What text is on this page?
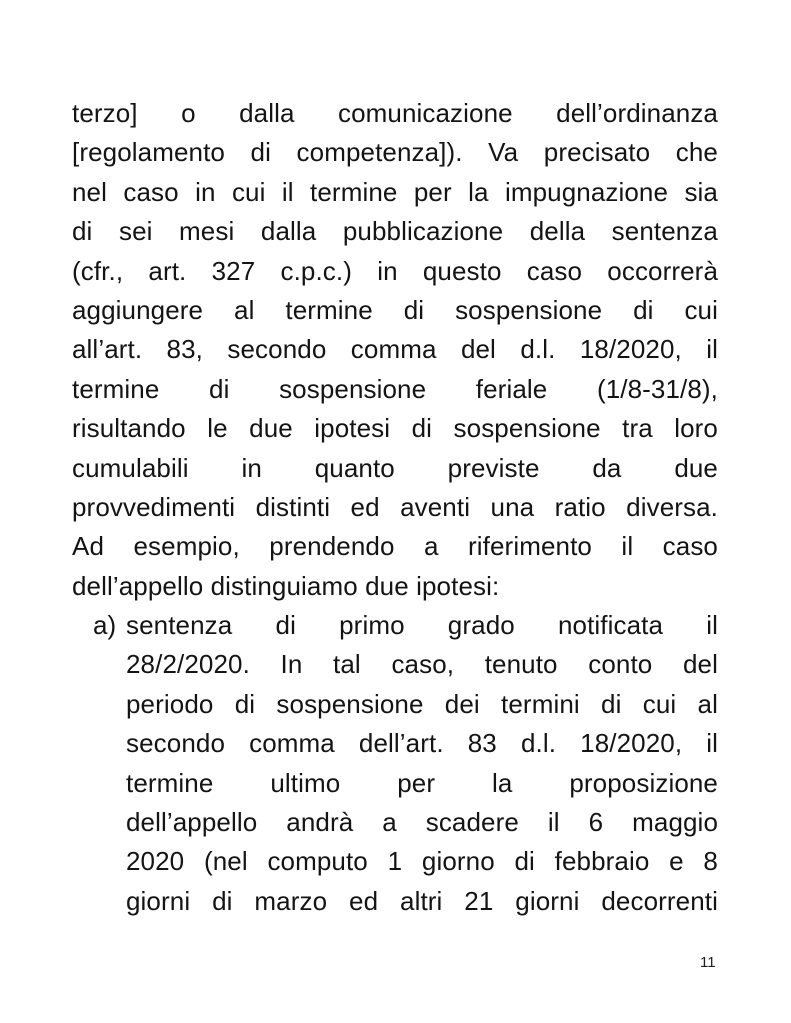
terzo] o dalla comunicazione dell’ordinanza
[regolamento di competenza]). Va precisato che
nel caso in cui il termine per la impugnazione sia
di sei mesi dalla pubblicazione della sentenza
(cfr., art. 327 c.p.c.) in questo caso occorrerà
aggiungere al termine di sospensione di cui
all’art. 83, secondo comma del d.l. 18/2020, il
termine di sospensione feriale (1/8-31/8),
risultando le due ipotesi di sospensione tra loro
cumulabili in quanto previste da due
provvedimenti distinti ed aventi una ratio diversa.
Ad esempio, prendendo a riferimento il caso
dell’appello distinguiamo due ipotesi:
a) sentenza di primo grado notificata il
28/2/2020. In tal caso, tenuto conto del
periodo di sospensione dei termini di cui al
secondo comma dell’art. 83 d.l. 18/2020, il
termine ultimo per la proposizione
dell’appello andrà a scadere il 6 maggio
2020 (nel computo 1 giorno di febbraio e 8
giorni di marzo ed altri 21 giorni decorrenti
11
